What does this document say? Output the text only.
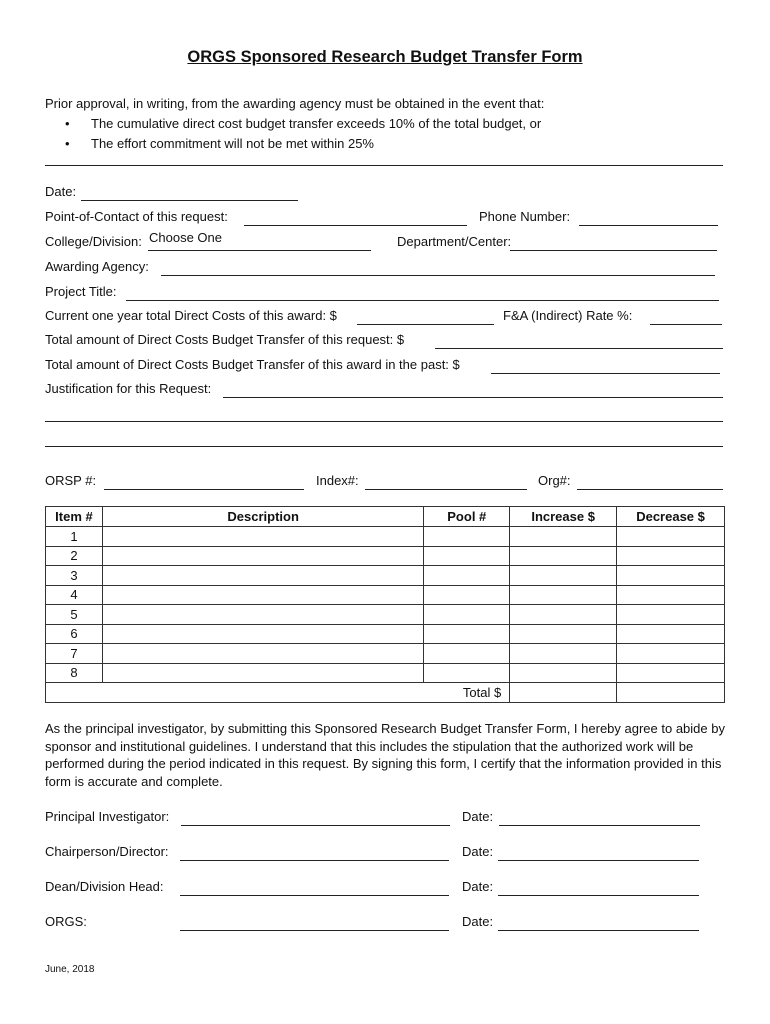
ORGS Sponsored Research Budget Transfer Form
Prior approval, in writing, from the awarding agency must be obtained in the event that:
• The cumulative direct cost budget transfer exceeds 10% of the total budget, or
• The effort commitment will not be met within 25%
Date:
Point-of-Contact of this request:	Phone Number:
College/Division: Choose One	Department/Center:
Awarding Agency:
Project Title:
Current one year total Direct Costs of this award: $	F&A (Indirect) Rate %:
Total amount of Direct Costs Budget Transfer of this request: $
Total amount of Direct Costs Budget Transfer of this award in the past: $
Justification for this Request:
ORSP #:	Index#:	Org#:
Item #	Description	Pool #	Increase $	Decrease $
1				
2				
3				
4				
5				
6				
7				
8				
Total $				
As the principal investigator, by submitting this Sponsored Research Budget Transfer Form, I hereby agree to abide by sponsor and institutional guidelines. I understand that this includes the stipulation that the authorized work will be performed during the period indicated in this request. By signing this form, I certify that the information provided in this form is accurate and complete.
Principal Investigator:	Date:
Chairperson/Director:	Date:
Dean/Division Head:	Date:
ORGS:	Date:
June, 2018
